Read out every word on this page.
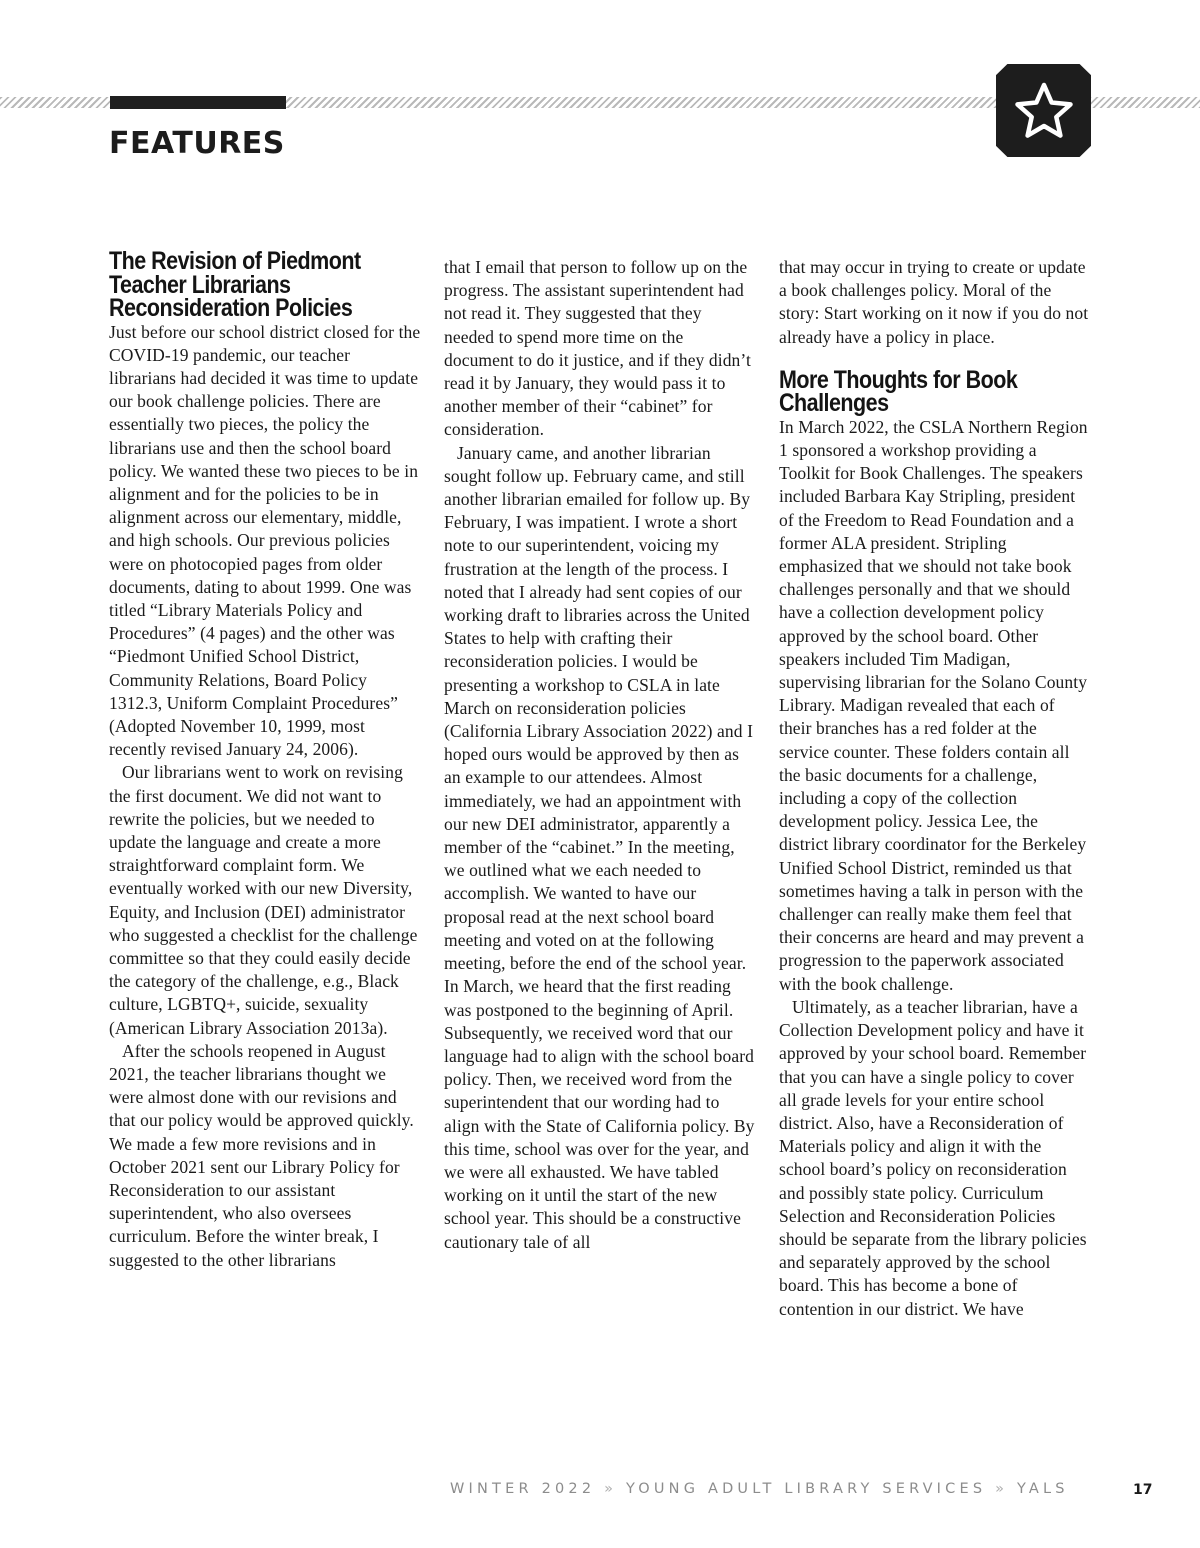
FEATURES
The Revision of Piedmont Teacher Librarians Reconsideration Policies

Just before our school district closed for the COVID-19 pandemic, our teacher librarians had decided it was time to update our book challenge policies. There are essentially two pieces, the policy the librarians use and then the school board policy. We wanted these two pieces to be in alignment and for the policies to be in alignment across our elementary, middle, and high schools. Our previous policies were on photocopied pages from older documents, dating to about 1999. One was titled “Library Materials Policy and Procedures” (4 pages) and the other was “Piedmont Unified School District, Community Relations, Board Policy 1312.3, Uniform Complaint Procedures” (Adopted November 10, 1999, most recently revised January 24, 2006).

Our librarians went to work on revising the first document. We did not want to rewrite the policies, but we needed to update the language and create a more straightforward complaint form. We eventually worked with our new Diversity, Equity, and Inclusion (DEI) administrator who suggested a checklist for the challenge committee so that they could easily decide the category of the challenge, e.g., Black culture, LGBTQ+, suicide, sexuality (American Library Association 2013a).

After the schools reopened in August 2021, the teacher librarians thought we were almost done with our revisions and that our policy would be approved quickly. We made a few more revisions and in October 2021 sent our Library Policy for Reconsideration to our assistant superintendent, who also oversees curriculum. Before the winter break, I suggested to the other librarians

that I email that person to follow up on the progress. The assistant superintendent had not read it. They suggested that they needed to spend more time on the document to do it justice, and if they didn’t read it by January, they would pass it to another member of their “cabinet” for consideration.

January came, and another librarian sought follow up. February came, and still another librarian emailed for follow up. By February, I was impatient. I wrote a short note to our superintendent, voicing my frustration at the length of the process. I noted that I already had sent copies of our working draft to libraries across the United States to help with crafting their reconsideration policies. I would be presenting a workshop to CSLA in late March on reconsideration policies (California Library Association 2022) and I hoped ours would be approved by then as an example to our attendees. Almost immediately, we had an appointment with our new DEI administrator, apparently a member of the “cabinet.” In the meeting, we outlined what we each needed to accomplish. We wanted to have our proposal read at the next school board meeting and voted on at the following meeting, before the end of the school year. In March, we heard that the first reading was postponed to the beginning of April. Subsequently, we received word that our language had to align with the school board policy. Then, we received word from the superintendent that our wording had to align with the State of California policy. By this time, school was over for the year, and we were all exhausted. We have tabled working on it until the start of the new school year. This should be a constructive cautionary tale of all

that may occur in trying to create or update a book challenges policy. Moral of the story: Start working on it now if you do not already have a policy in place.

More Thoughts for Book Challenges

In March 2022, the CSLA Northern Region 1 sponsored a workshop providing a Toolkit for Book Challenges. The speakers included Barbara Kay Stripling, president of the Freedom to Read Foundation and a former ALA president. Stripling emphasized that we should not take book challenges personally and that we should have a collection development policy approved by the school board. Other speakers included Tim Madigan, supervising librarian for the Solano County Library. Madigan revealed that each of their branches has a red folder at the service counter. These folders contain all the basic documents for a challenge, including a copy of the collection development policy. Jessica Lee, the district library coordinator for the Berkeley Unified School District, reminded us that sometimes having a talk in person with the challenger can really make them feel that their concerns are heard and may prevent a progression to the paperwork associated with the book challenge.

Ultimately, as a teacher librarian, have a Collection Development policy and have it approved by your school board. Remember that you can have a single policy to cover all grade levels for your entire school district. Also, have a Reconsideration of Materials policy and align it with the school board’s policy on reconsideration and possibly state policy. Curriculum Selection and Reconsideration Policies should be separate from the library policies and separately approved by the school board. This has become a bone of contention in our district. We have

WINTER 2022 » YOUNG ADULT LIBRARY SERVICES » YALS	17
